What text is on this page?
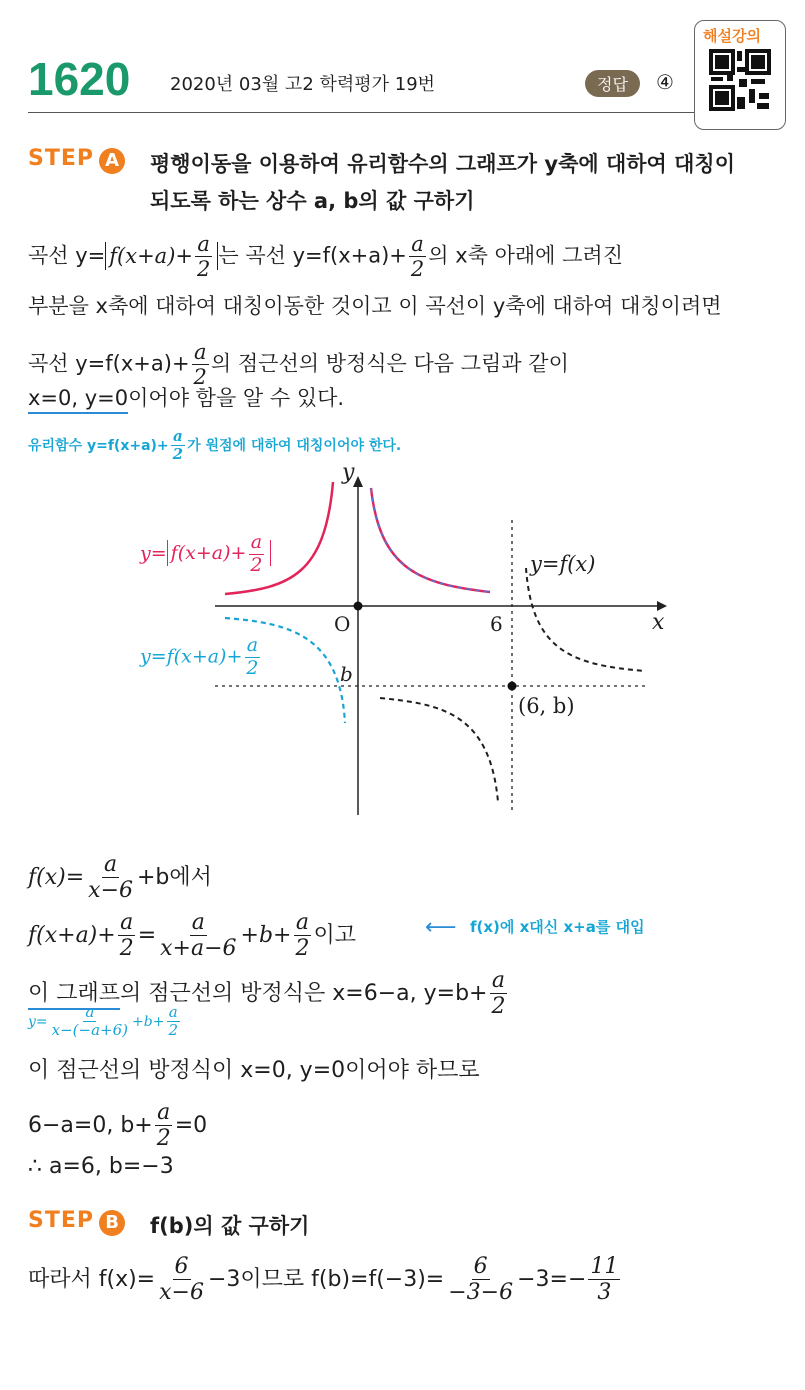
1620 2020년 03월 고2 학력평가 19번	정답	④
해설강의
STEP A 평행이동을 이용하여 유리함수의 그래프가 y축에 대하여 대칭이
되도록 하는 상수 a, b의 값 구하기
곡선 $y= f(x+a)+ \frac{a}{2}$ 는 곡선 $y=f(x+a)+ \frac{a}{2}$ 의 x축 아래에 그려진
부분을 x축에 대하여 대칭이동한 것이고 이 곡선이 y축에 대하여 대칭이려면
곡선 $y=f(x+a)+ \frac{a}{2}$ 의 점근선의 방정식은 다음 그림과 같이
x=0, y=0이어야 함을 알 수 있다.
유리함수 $y=f(x+a)+ \frac{a}{2}$ 가 원점에 대하여 대칭이어야 한다.
y
x
O	6
b
(6, b)
y=f(x)
$y= f(x+a)+ \frac{a}{2}$
$y=f(x+a)+ \frac{a}{2}$
$f(x)= \frac{a}{x-6} +b$에서
$f(x+a)+ \frac{a}{2} = \frac{a}{x+a-6} +b+ \frac{a}{2}$ 이고	⟵ f(x)에 x대신 x+a를 대입
이 그래프의 점근선의 방정식은 x=6−a, $y=b+ \frac{a}{2}$
$y= \frac{a}{x-(-a+6)} +b+ \frac{a}{2}$
이 점근선의 방정식이 x=0, y=0이어야 하므로
6−a=0, $b+ \frac{a}{2} =0$
∴ a=6, b=−3
STEP B f(b)의 값 구하기
따라서 $f(x)= \frac{6}{x-6} -3$이므로 $f(b)=f(-3)= \frac{6}{-3-6} -3=- \frac{11}{3}$
